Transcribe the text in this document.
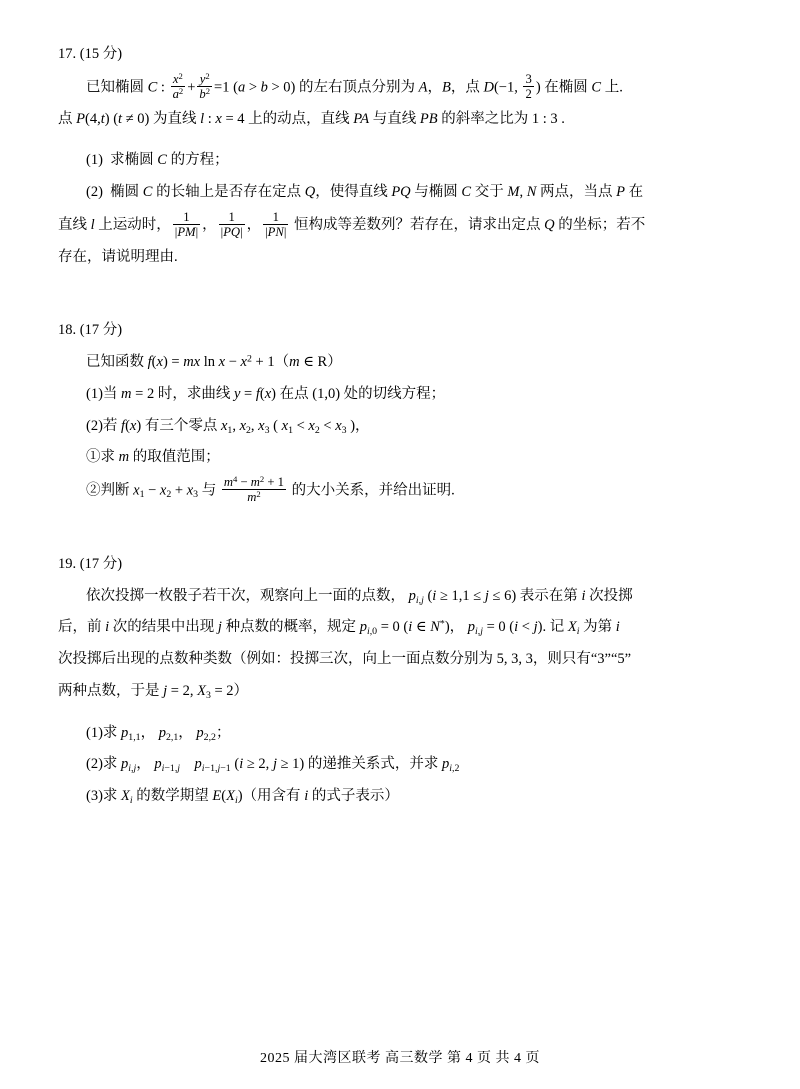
17. (15 分)
已知椭圆 C : $\frac{x^2}{a^2} + \frac{y^2}{b^2} =1$ (a > b > 0) 的左右顶点分别为 A，B，点 D(−1, $\frac{3}{2}$ ) 在椭圆 C 上.
点 P(4,t) (t ≠ 0) 为直线 l : x = 4 上的动点，直线 PA 与直线 PB 的斜率之比为 1 : 3 .
(1)  求椭圆 C 的方程；
(2)  椭圆 C 的长轴上是否存在定点 Q，使得直线 PQ 与椭圆 C 交于 M, N 两点，当点 P 在
直线 l 上运动时， $\frac{1}{|PM|}$ ， $\frac{1}{|PQ|}$ ， $\frac{1}{|PN|}$ 恒构成等差数列？若存在，请求出定点 Q 的坐标；若不
存在，请说明理由.
18. (17 分)
已知函数 f(x) = mx $\ln x - x^2 + 1(m$ ∈ R）
(1)当 m = 2 时，求曲线 y = f(x) 在点 (1,0) 处的切线方程；
(2)若 f(x) 有三个零点 $x_1$, $x_2$, $x_3$ ( $x_1 < x_2 < x_3$ )，
①求 m 的取值范围；
②判断 $x_1 - x_2 + x_3$ 与 $\frac{m^4 - m^2 + 1}{m^2}$ 的大小关系，并给出证明.
19. (17 分)
依次投掷一枚骰子若干次，观察向上一面的点数， $p_{i,j}$ (i ≥ 1,1 ≤ j ≤ 6) 表示在第 i 次投掷
后，前 i 次的结果中出现 j 种点数的概率，规定 $p_{i,0} = 0$ (i ∈ N*)， $p_{i,j} = 0$ (i < j). 记 $X_i$ 为第 i
次投掷后出现的点数种类数（例如：投掷三次，向上一面点数分别为 5, 3, 3，则只有“3”“5”
两种点数，于是 j = 2, $X_3 = 2$）
(1)求 $p_{1,1}$， $p_{2,1}$， $p_{2,2}$；
(2)求 $p_{i,j}$， $p_{i-1,j}$ $p_{i-1,j-1}$ (i ≥ 2, j ≥ 1) 的递推关系式，并求 $p_{i,2}$
(3)求 $X_i$ 的数学期望 $E(X_i)$（用含有 i 的式子表示）
2025 届大湾区联考 高三数学 第 4 页 共 4 页
